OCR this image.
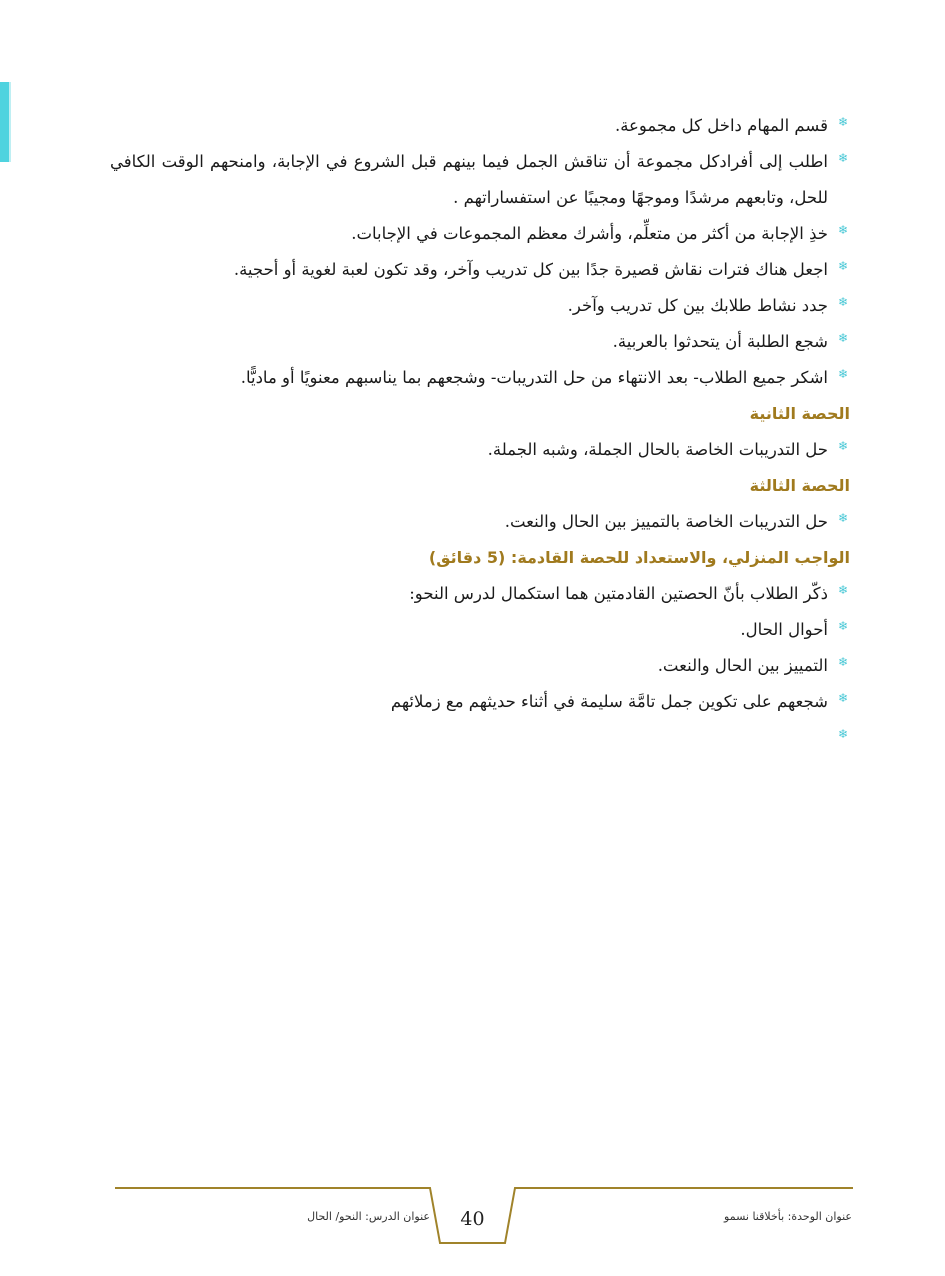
❄
قسم المهام داخل كل مجموعة.
❄
اطلب إلى أفرادكل مجموعة أن تناقش الجمل فيما بينهم قبل الشروع في الإجابة، وامنحهم الوقت الكافي للحل، وتابعهم مرشدًا وموجهًا ومجيبًا عن استفساراتهم .
❄
خذِ الإجابة من أكثر من متعلِّم، وأشرك معظم المجموعات في الإجابات.
❄
اجعل هناك فترات نقاش قصيرة جدًا بين كل تدريب وآخر، وقد تكون لعبة لغوية أو أحجية.
❄
جدد نشاط طلابك بين كل تدريب وآخر.
❄
شجع الطلبة أن يتحدثوا بالعربية.
❄
اشكر جميع الطلاب- بعد الانتهاء من حل التدريبات- وشجعهم بما يناسبهم معنويًا أو ماديًّا.
الحصة الثانية
❄
حل التدريبات الخاصة بالحال الجملة، وشبه الجملة.
الحصة الثالثة
❄
حل التدريبات الخاصة بالتمييز بين الحال والنعت.
الواجب المنزلي، والاستعداد للحصة القادمة: (5 دقائق)
❄
ذكّر الطلاب بأنّ الحصتين القادمتين هما استكمال لدرس النحو:
❄
أحوال الحال.
❄
التمييز بين الحال والنعت.
❄
شجعهم على تكوين جمل تامَّة سليمة في أثناء حديثهم مع زملائهم
❄
40	عنوان الوحدة: بأخلاقنا نسمو
عنوان الدرس: النحو/ الحال
